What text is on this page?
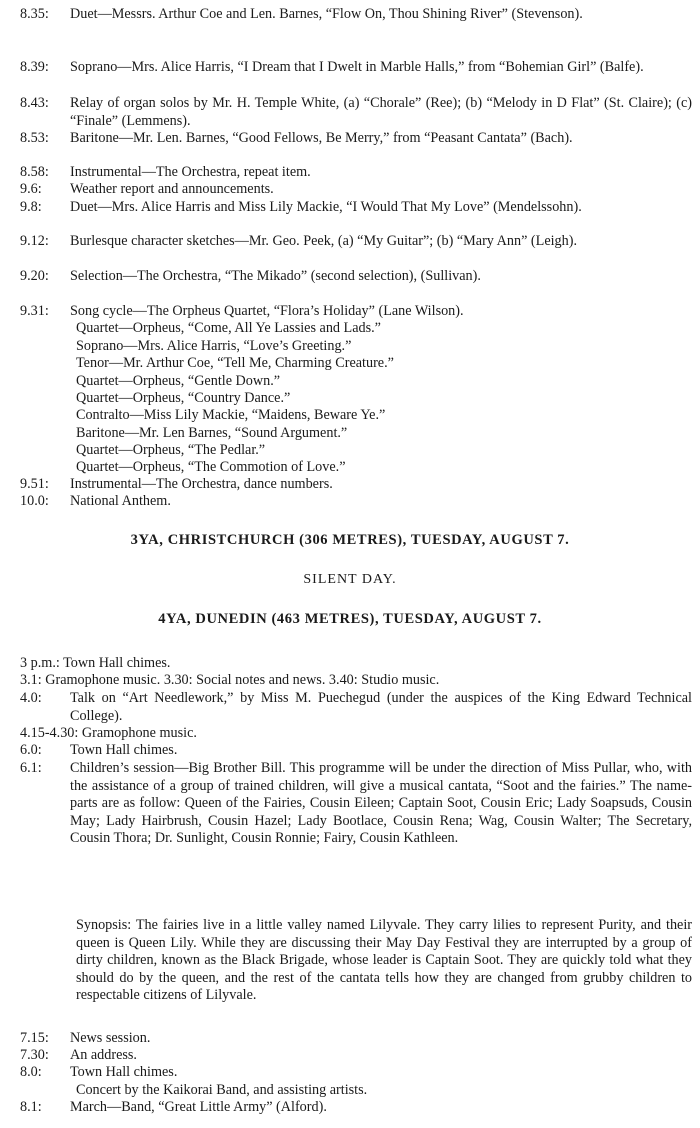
8.35: Duet—Messrs. Arthur Coe and Len. Barnes, “Flow On, Thou Shining River” (Stevenson).
8.39: Soprano—Mrs. Alice Harris, “I Dream that I Dwelt in Marble Halls,” from “Bohemian Girl” (Balfe).
8.43: Relay of organ solos by Mr. H. Temple White, (a) “Chorale” (Ree); (b) “Melody in D Flat” (St. Claire); (c) “Finale” (Lemmens).
8.53: Baritone—Mr. Len. Barnes, “Good Fellows, Be Merry,” from “Peasant Cantata” (Bach).
8.58: Instrumental—The Orchestra, repeat item.
9.6: Weather report and announcements.
9.8: Duet—Mrs. Alice Harris and Miss Lily Mackie, “I Would That My Love” (Mendelssohn).
9.12: Burlesque character sketches—Mr. Geo. Peek, (a) “My Guitar”; (b) “Mary Ann” (Leigh).
9.20: Selection—The Orchestra, “The Mikado” (second selection), (Sullivan).
9.31: Song cycle—The Orpheus Quartet, “Flora’s Holiday” (Lane Wilson).
Quartet—Orpheus, “Come, All Ye Lassies and Lads.”
Soprano—Mrs. Alice Harris, “Love’s Greeting.”
Tenor—Mr. Arthur Coe, “Tell Me, Charming Creature.”
Quartet—Orpheus, “Gentle Down.”
Quartet—Orpheus, “Country Dance.”
Contralto—Miss Lily Mackie, “Maidens, Beware Ye.”
Baritone—Mr. Len Barnes, “Sound Argument.”
Quartet—Orpheus, “The Pedlar.”
Quartet—Orpheus, “The Commotion of Love.”
9.51: Instrumental—The Orchestra, dance numbers.
10.0: National Anthem.
3YA, CHRISTCHURCH (306 METRES), TUESDAY, AUGUST 7.
SILENT DAY.
4YA, DUNEDIN (463 METRES), TUESDAY, AUGUST 7.
3 p.m.: Town Hall chimes.
3.1: Gramophone music. 3.30: Social notes and news. 3.40: Studio music.
4.0: Talk on “Art Needlework,” by Miss M. Puechegud (under the auspices of the King Edward Technical College).
4.15-4.30: Gramophone music.
6.0: Town Hall chimes.
6.1: Children’s session—Big Brother Bill. This programme will be under the direction of Miss Pullar, who, with the assistance of a group of trained children, will give a musical cantata, “Soot and the fairies.” The name-parts are as follow: Queen of the Fairies, Cousin Eileen; Captain Soot, Cousin Eric; Lady Soapsuds, Cousin May; Lady Hairbrush, Cousin Hazel; Lady Bootlace, Cousin Rena; Wag, Cousin Walter; The Secretary, Cousin Thora; Dr. Sunlight, Cousin Ronnie; Fairy, Cousin Kathleen.
Synopsis: The fairies live in a little valley named Lilyvale. They carry lilies to represent Purity, and their queen is Queen Lily. While they are discussing their May Day Festival they are interrupted by a group of dirty children, known as the Black Brigade, whose leader is Captain Soot. They are quickly told what they should do by the queen, and the rest of the cantata tells how they are changed from grubby children to respectable citizens of Lilyvale.
7.15: News session.
7.30: An address.
8.0: Town Hall chimes.
Concert by the Kaikorai Band, and assisting artists.
8.1: March—Band, “Great Little Army” (Alford).
